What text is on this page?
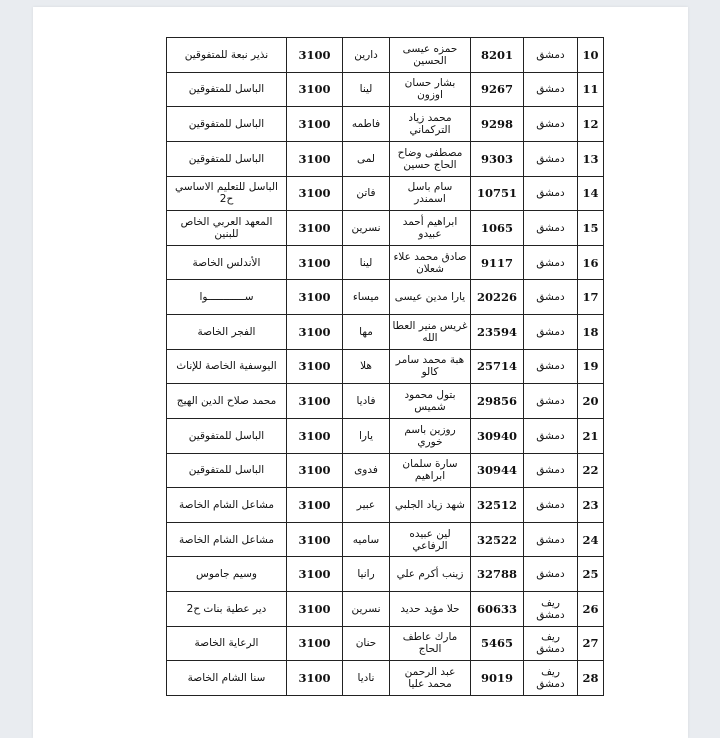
10	دمشق	8201	حمزه عيسى الحسين	دارين	3100	نذير نبعة للمتفوقين
11	دمشق	9267	بشار حسان اوزون	لينا	3100	الباسل للمتفوقين
12	دمشق	9298	محمد زياد التركماني	فاطمه	3100	الباسل للمتفوقين
13	دمشق	9303	مصطفى وضاح الحاج حسين	لمى	3100	الباسل للمتفوقين
14	دمشق	10751	سام باسل اسمندر	فاتن	3100	الباسل للتعليم الاساسي ح2
15	دمشق	1065	ابراهيم أحمد عبيدو	نسرين	3100	المعهد العربي الخاص للبنين
16	دمشق	9117	صادق محمد علاء شعلان	لينا	3100	الأندلس الخاصة
17	دمشق	20226	يارا مدين عيسى	ميساء	3100	ســــــــــــوا
18	دمشق	23594	غريس منير العطا الله	مها	3100	الفجر الخاصة
19	دمشق	25714	هبة محمد سامر كالو	هلا	3100	اليوسفية الخاصة للإناث
20	دمشق	29856	بتول محمود شميس	فاديا	3100	محمد صلاح الدين الهيج
21	دمشق	30940	روزين باسم خوري	يارا	3100	الباسل للمتفوقين
22	دمشق	30944	سارة سلمان ابراهيم	فدوى	3100	الباسل للمتفوقين
23	دمشق	32512	شهد زياد الجلبي	عبير	3100	مشاعل الشام الخاصة
24	دمشق	32522	لين عبيده الرفاعي	ساميه	3100	مشاعل الشام الخاصة
25	دمشق	32788	زينب أكرم علي	رانيا	3100	وسيم جاموس
26	ريف دمشق	60633	حلا مؤيد حديد	نسرين	3100	دير عطية بنات ح2
27	ريف دمشق	5465	مارك عاطف الحاج	حنان	3100	الرعاية الخاصة
28	ريف دمشق	9019	عبد الرحمن محمد عليا	ناديا	3100	سنا الشام الخاصة
